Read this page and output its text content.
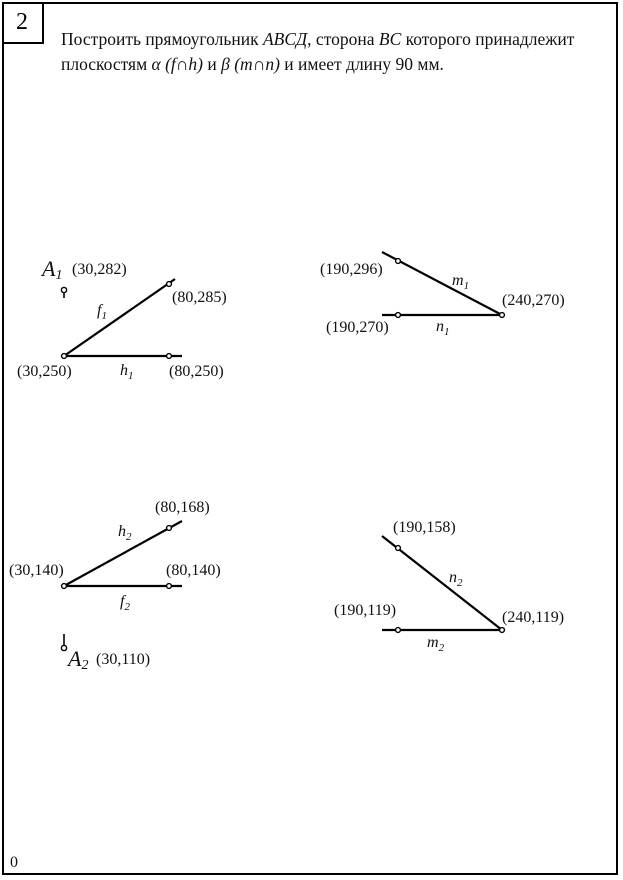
2
Построить прямоугольник ABCД, сторона BC которого принадлежит плоскостям α (f∩h) и β (m∩n) и имеет длину 90 мм.
(30,282)
(80,285)
(30,250)	(80,250)
(190,296)
(190,270)
(240,270)
(80,168)
(30,140)	(80,140)
(30,110)
(190,158)
(190,119)	(240,119)
A1
$f_1$
$h_1$
$m_1$
$n_1$
$h_2$
$f_2$
A2
$n_2$
$m_2$
0
